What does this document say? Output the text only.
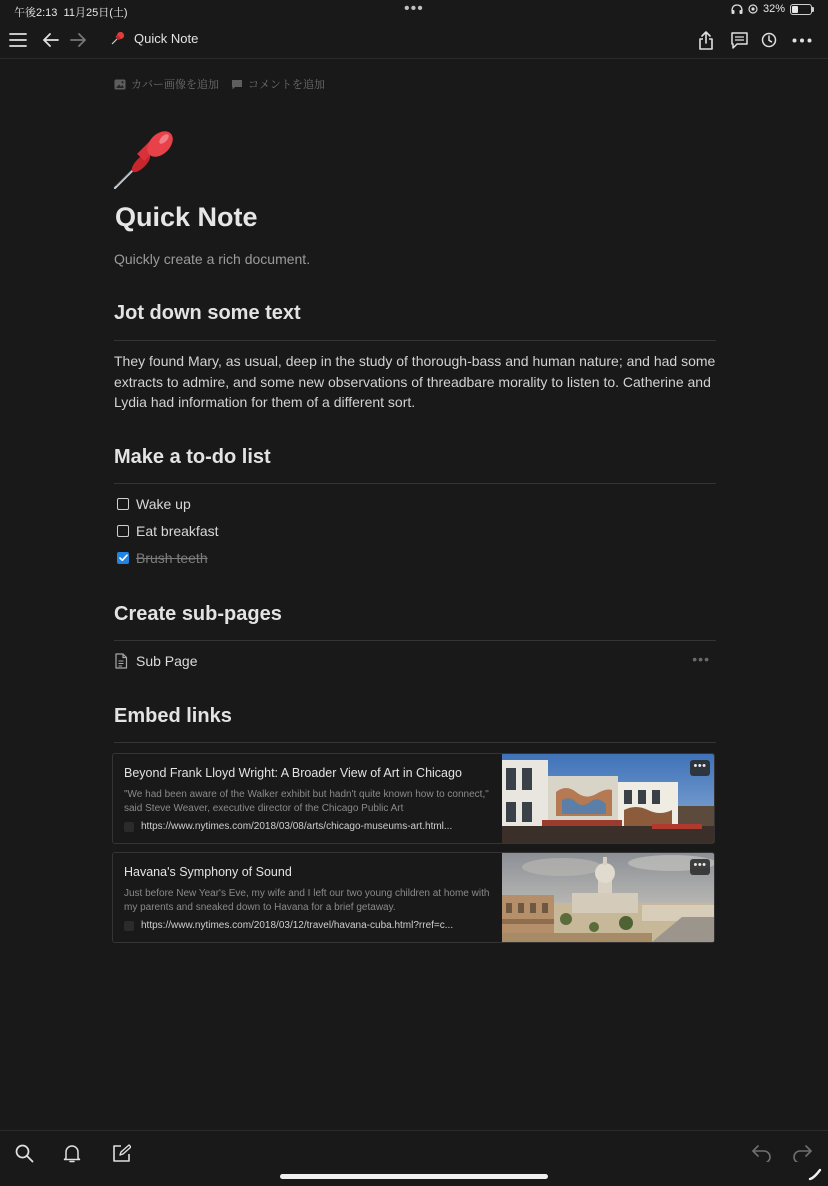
午後2:13 11月25日(土)	•••	32%
Quick Note
カバー画像を追加	コメントを追加
Quick Note
Quickly create a rich document.
Jot down some text
They found Mary, as usual, deep in the study of thorough-bass and human nature; and had some extracts to admire, and some new observations of threadbare morality to listen to. Catherine and Lydia had information for them of a different sort.
Make a to-do list
Wake up
Eat breakfast
Brush teeth
Create sub-pages
Sub Page	•••
Embed links
Beyond Frank Lloyd Wright: A Broader View of Art in Chicago
"We had been aware of the Walker exhibit but hadn't quite known how to connect," said Steve Weaver, executive director of the Chicago Public Art
https://www.nytimes.com/2018/03/08/arts/chicago-museums-art.html...
•••
Havana's Symphony of Sound
Just before New Year's Eve, my wife and I left our two young children at home with my parents and sneaked down to Havana for a brief getaway.
https://www.nytimes.com/2018/03/12/travel/havana-cuba.html?rref=c...
•••
